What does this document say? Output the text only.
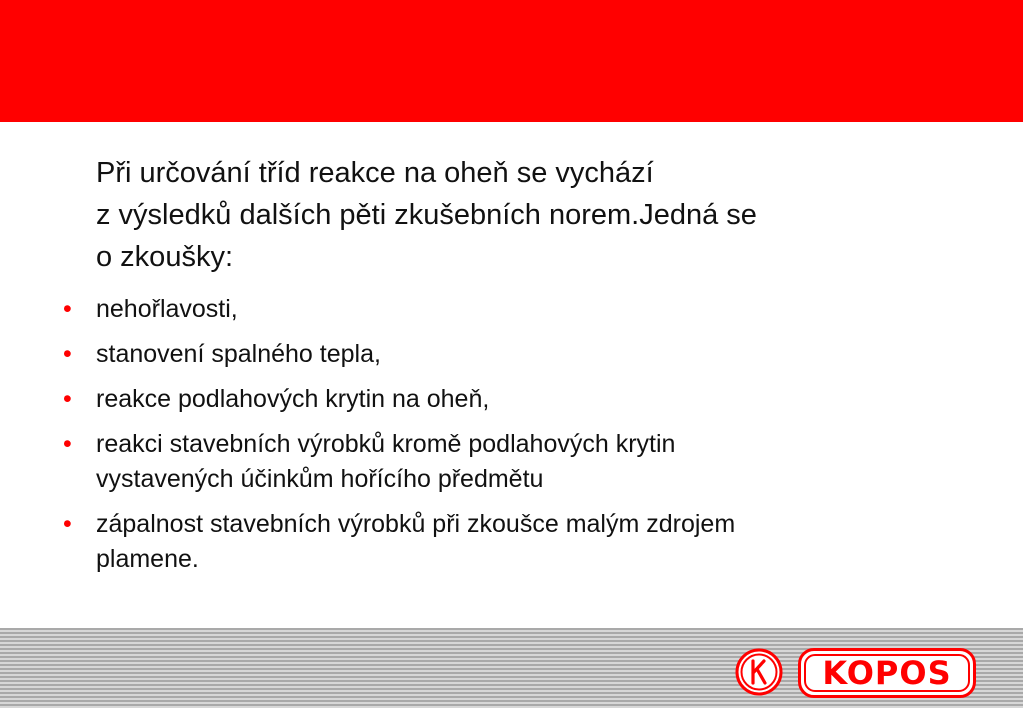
Při určování tříd reakce na oheň se vychází
z výsledků dalších pěti zkušebních norem.Jedná se
o zkoušky:

• nehořlavosti,
• stanovení spalného tepla,
• reakce podlahových krytin na oheň,
• reakci stavebních výrobků kromě podlahových krytin
vystavených účinkům hořícího předmětu
• zápalnost stavebních výrobků při zkoušce malým zdrojem
plamene.
KOPOS
